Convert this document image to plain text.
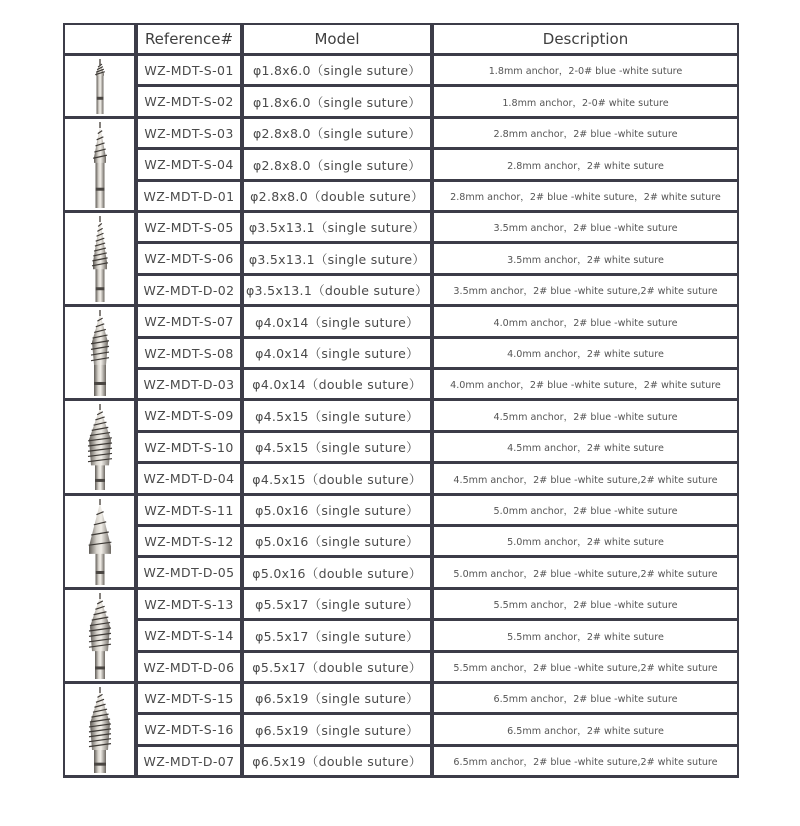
Reference#	Model	Description
WZ-MDT-S-01	φ1.8x6.0（single suture）	1.8mm anchor，2-0# blue -white suture
WZ-MDT-S-02	φ1.8x6.0（single suture）	1.8mm anchor，2-0# white suture
WZ-MDT-S-03	φ2.8x8.0（single suture）	2.8mm anchor，2# blue -white suture
WZ-MDT-S-04	φ2.8x8.0（single suture）	2.8mm anchor，2# white suture
WZ-MDT-D-01	φ2.8x8.0（double suture）	2.8mm anchor，2# blue -white suture，2# white suture
WZ-MDT-S-05	φ3.5x13.1（single suture）	3.5mm anchor，2# blue -white suture
WZ-MDT-S-06	φ3.5x13.1（single suture）	3.5mm anchor，2# white suture
WZ-MDT-D-02 φ3.5x13.1（double suture）	3.5mm anchor，2# blue -white suture,2# white suture
WZ-MDT-S-07	φ4.0x14（single suture）	4.0mm anchor，2# blue -white suture
WZ-MDT-S-08	φ4.0x14（single suture）	4.0mm anchor，2# white suture
WZ-MDT-D-03	φ4.0x14（double suture）	4.0mm anchor，2# blue -white suture，2# white suture
WZ-MDT-S-09	φ4.5x15（single suture）	4.5mm anchor，2# blue -white suture
WZ-MDT-S-10	φ4.5x15（single suture）	4.5mm anchor，2# white suture
WZ-MDT-D-04	φ4.5x15（double suture）	4.5mm anchor，2# blue -white suture,2# white suture
WZ-MDT-S-11	φ5.0x16（single suture）	5.0mm anchor，2# blue -white suture
WZ-MDT-S-12	φ5.0x16（single suture）	5.0mm anchor，2# white suture
WZ-MDT-D-05	φ5.0x16（double suture）	5.0mm anchor，2# blue -white suture,2# white suture
WZ-MDT-S-13	φ5.5x17（single suture）	5.5mm anchor，2# blue -white suture
WZ-MDT-S-14	φ5.5x17（single suture）	5.5mm anchor，2# white suture
WZ-MDT-D-06	φ5.5x17（double suture）	5.5mm anchor，2# blue -white suture,2# white suture
WZ-MDT-S-15	φ6.5x19（single suture）	6.5mm anchor，2# blue -white suture
WZ-MDT-S-16	φ6.5x19（single suture）	6.5mm anchor，2# white suture
WZ-MDT-D-07	φ6.5x19（double suture）	6.5mm anchor，2# blue -white suture,2# white suture
